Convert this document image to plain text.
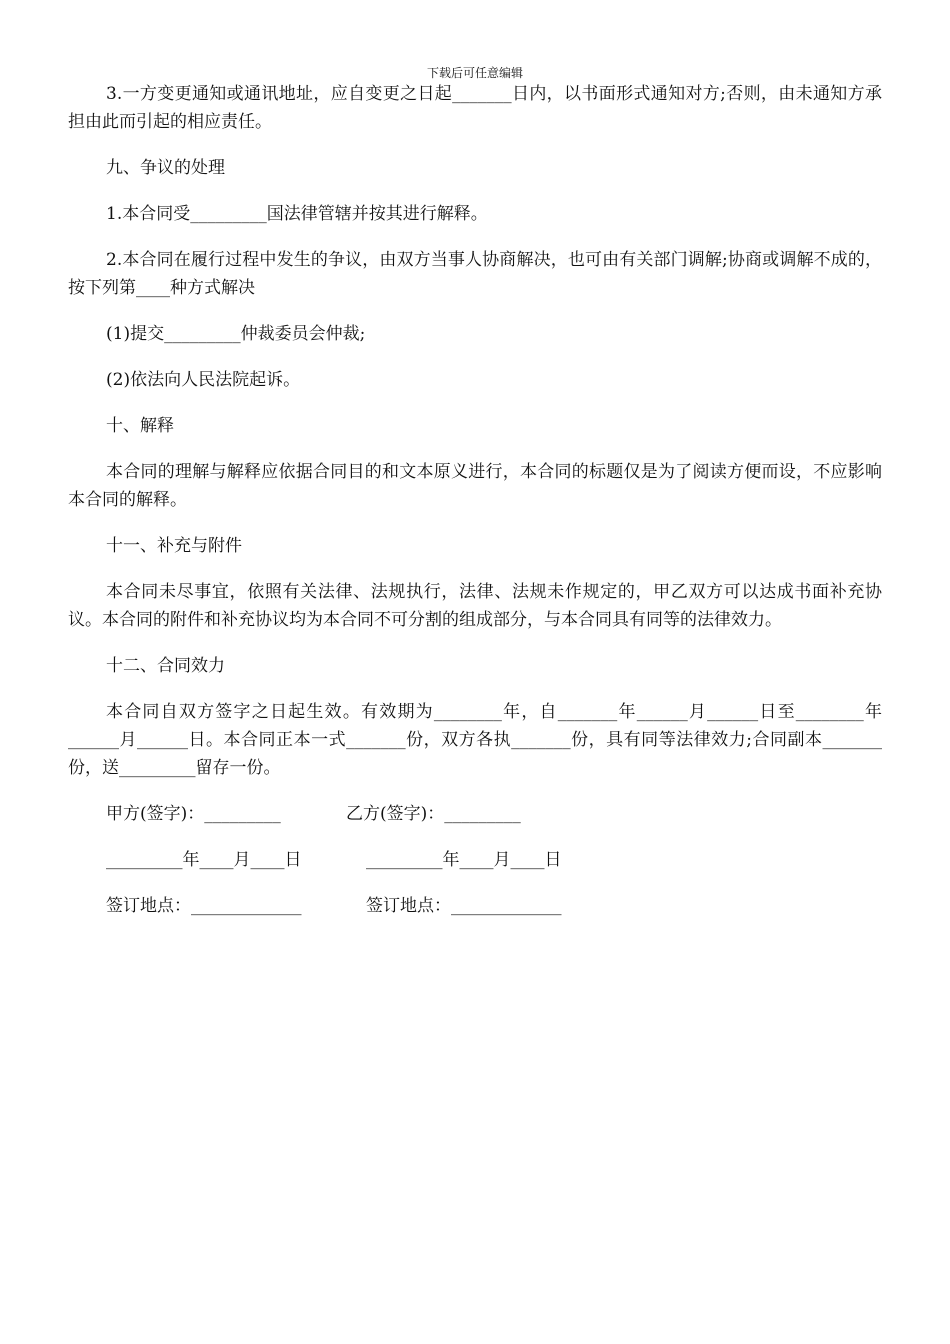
下载后可任意编辑

3.一方变更通知或通讯地址，应自变更之日起_______日内，以书面形式通知对方;否则，由未通知方承担由此而引起的相应责任。

九、争议的处理

1.本合同受_________国法律管辖并按其进行解释。

2.本合同在履行过程中发生的争议，由双方当事人协商解决，也可由有关部门调解;协商或调解不成的，按下列第____种方式解决

(1)提交_________仲裁委员会仲裁;

(2)依法向人民法院起诉。

十、解释

本合同的理解与解释应依据合同目的和文本原义进行，本合同的标题仅是为了阅读方便而设，不应影响本合同的解释。

十一、补充与附件

本合同未尽事宜，依照有关法律、法规执行，法律、法规未作规定的，甲乙双方可以达成书面补充协议。本合同的附件和补充协议均为本合同不可分割的组成部分，与本合同具有同等的法律效力。

十二、合同效力

本合同自双方签字之日起生效。有效期为________年，自_______年______月______日至________年______月______日。本合同正本一式_______份，双方各执_______份，具有同等法律效力;合同副本_______份，送_________留存一份。

甲方(签字)：_________	乙方(签字)：_________
_________年____月____日	_________年____月____日
签订地点：_____________	签订地点：_____________
